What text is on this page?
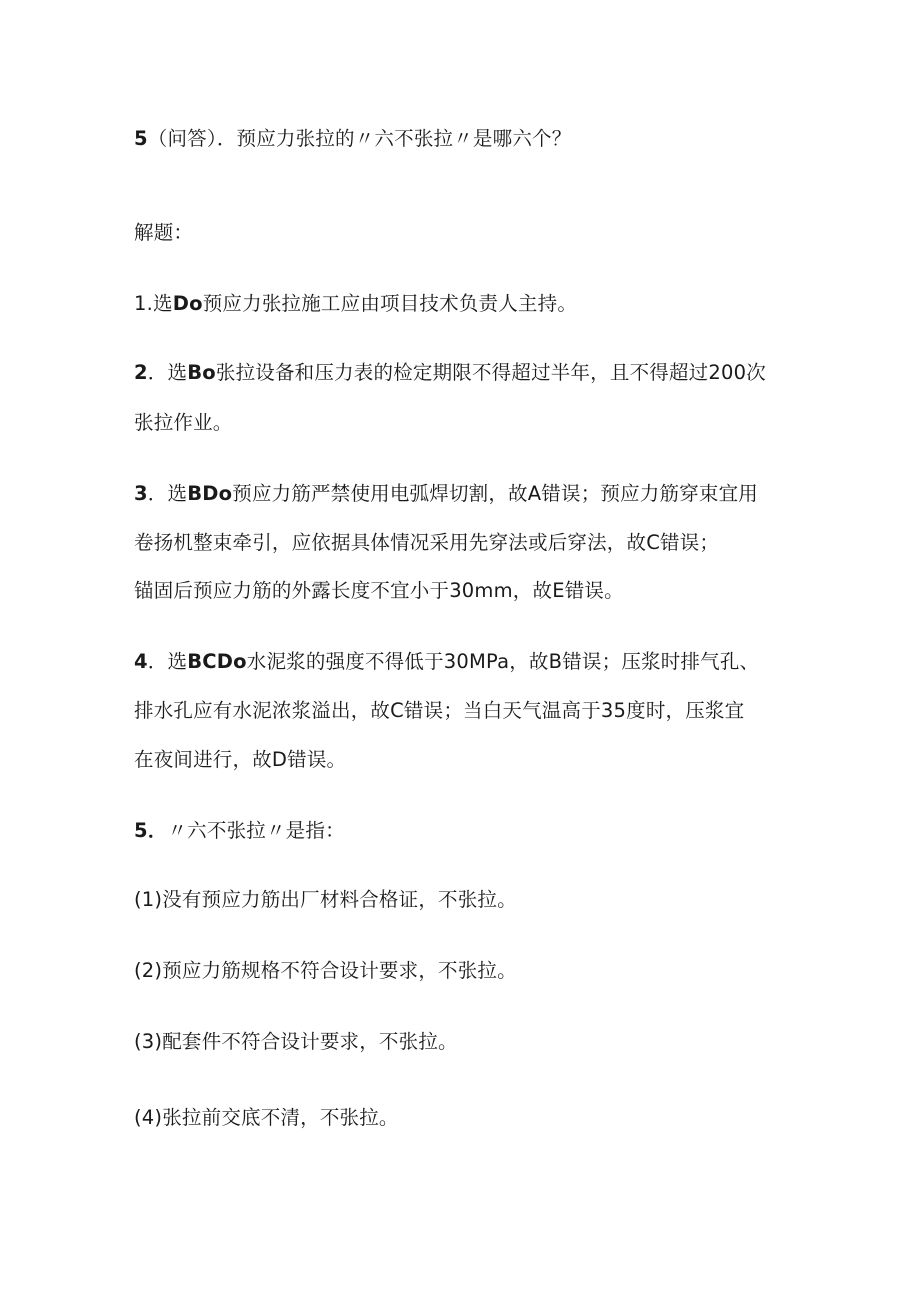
5（问答）．预应力张拉的〃六不张拉〃是哪六个？
解题：
1.选Do预应力张拉施工应由项目技术负责人主持。
2．选Bo张拉设备和压力表的检定期限不得超过半年，且不得超过200次
张拉作业。
3．选BDo预应力筋严禁使用电弧焊切割，故A错误；预应力筋穿束宜用
卷扬机整束牵引，应依据具体情况采用先穿法或后穿法，故C错误；
锚固后预应力筋的外露长度不宜小于30mm，故E错误。
4．选BCDo水泥浆的强度不得低于30MPa，故B错误；压浆时排气孔、
排水孔应有水泥浓浆溢出，故C错误；当白天气温高于35度时，压浆宜
在夜间进行，故D错误。
5．〃六不张拉〃是指：
(1)没有预应力筋出厂材料合格证，不张拉。
(2)预应力筋规格不符合设计要求，不张拉。
(3)配套件不符合设计要求，不张拉。
(4)张拉前交底不清，不张拉。
